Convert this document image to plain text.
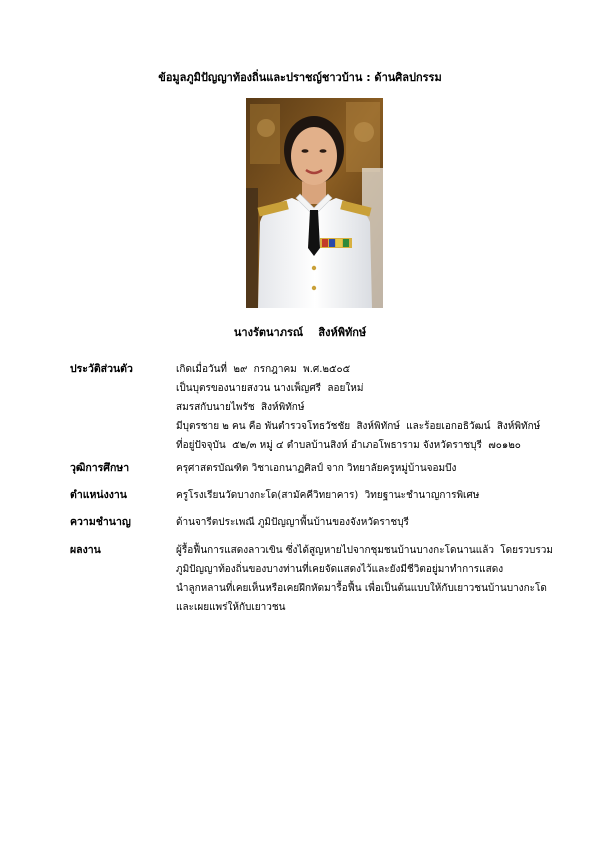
ข้อมูลภูมิปัญญาท้องถิ่นและปราชญ์ชาวบ้าน : ด้านศิลปกรรม
นางรัตนาภรณ์    สิงห์พิทักษ์
ประวัติส่วนตัว	เกิดเมื่อวันที่  ๒๙  กรกฎาคม  พ.ศ.๒๕๐๕
เป็นบุตรของนายสงวน นางเพ็ญศรี  ลอยใหม่
สมรสกับนายไพรัช  สิงห์พิทักษ์
มีบุตรชาย ๒ คน คือ พันตำรวจโทธวัชชัย  สิงห์พิทักษ์  และร้อยเอกอธิวัฒน์  สิงห์พิทักษ์
ที่อยู่ปัจจุบัน  ๕๒/๓ หมู่ ๔ ตำบลบ้านสิงห์ อำเภอโพธาราม จังหวัดราชบุรี  ๗๐๑๒๐
วุฒิการศึกษา	ครุศาสตรบัณฑิต วิชาเอกนาฏศิลป์ จาก วิทยาลัยครูหมู่บ้านจอมบึง
ตำแหน่งงาน	ครูโรงเรียนวัดบางกะโด(สามัคคีวิทยาคาร)  วิทยฐานะชำนาญการพิเศษ
ความชำนาญ	ด้านจารีตประเพณี ภูมิปัญญาพื้นบ้านของจังหวัดราชบุรี
ผลงาน	ผู้รื้อฟื้นการแสดงลาวเขิน ซึ่งได้สูญหายไปจากชุมชนบ้านบางกะโดนานแล้ว  โดยรวบรวม
ภูมิปัญญาท้องถิ่นของบางท่านที่เคยจัดแสดงไว้และยังมีชีวิตอยู่มาทำการแสดง
นำลูกหลานที่เคยเห็นหรือเคยฝึกหัดมารื้อฟื้น เพื่อเป็นต้นแบบให้กับเยาวชนบ้านบางกะโด
และเผยแพร่ให้กับเยาวชน
